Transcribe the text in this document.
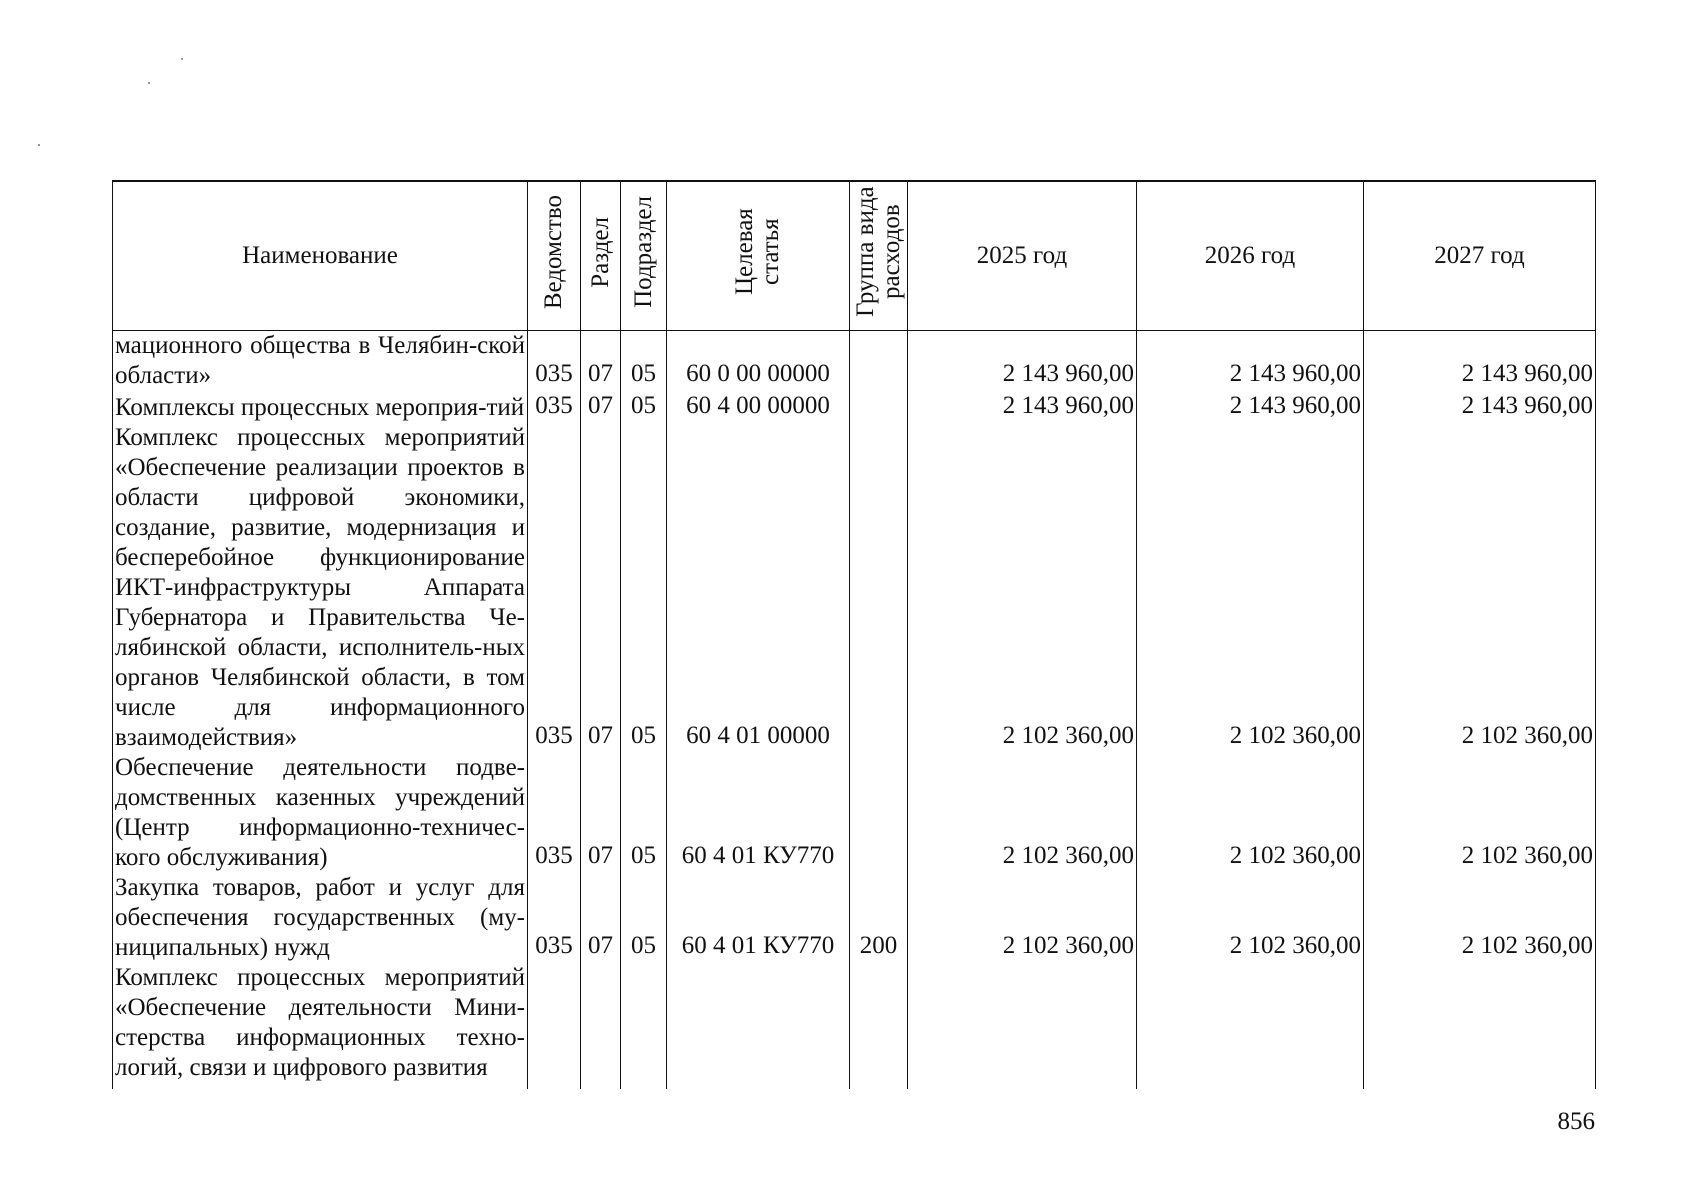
Наименование	Ведомство	Раздел	Подраздел	Целевая статья	Группа вида расходов	2025 год	2026 год	2027 год
мационного общества в Челябин-ской области»	035	07	05	60 0 00 00000		2 143 960,00	2 143 960,00	2 143 960,00
Комплексы процессных мероприя-тий	035	07	05	60 4 00 00000		2 143 960,00	2 143 960,00	2 143 960,00
Комплекс процессных мероприятий «Обеспечение реализации проектов в области цифровой экономики, создание, развитие, модернизация и бесперебойное функционирование ИКТ-инфраструктуры Аппарата Губернатора и Правительства Че-лябинской области, исполнитель-ных органов Челябинской области, в том числе для информационного взаимодействия»	035	07	05	60 4 01 00000		2 102 360,00	2 102 360,00	2 102 360,00
Обеспечение деятельности подве-домственных казенных учреждений (Центр информационно-техничес-кого обслуживания)	035	07	05	60 4 01 КУ770		2 102 360,00	2 102 360,00	2 102 360,00
Закупка товаров, работ и услуг для обеспечения государственных (му-ниципальных) нужд	035	07	05	60 4 01 КУ770	200	2 102 360,00	2 102 360,00	2 102 360,00
Комплекс процессных мероприятий «Обеспечение деятельности Мини-стерства информационных техно-логий, связи и цифрового развития								
856
